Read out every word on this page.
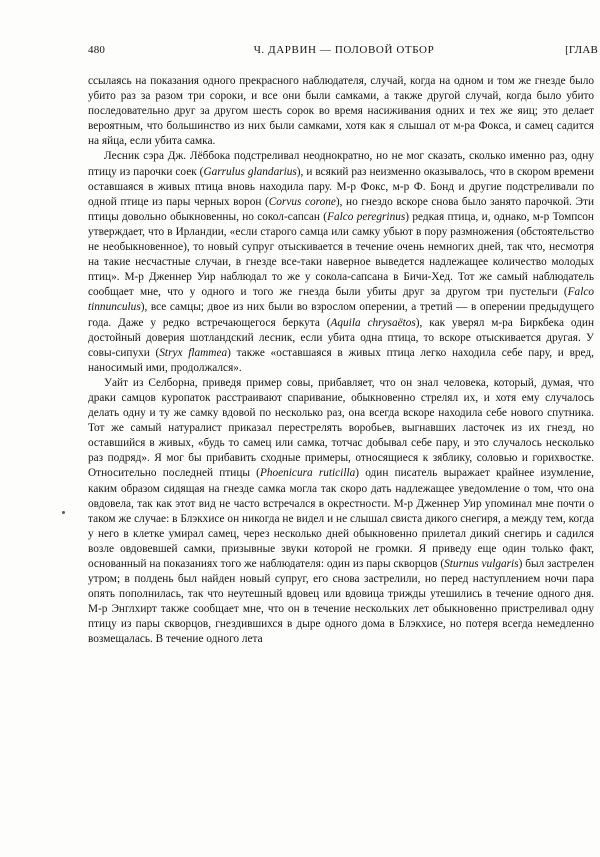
480	Ч. ДАРВИН — ПОЛОВОЙ ОТБОР	[ГЛАВ

ссылаясь на показания одного прекрасного наблюдателя, случай, когда на одном и том же гнезде было убито раз за разом три сороки, и все они были самками, а также другой случай, когда было убито последовательно друг за другом шесть сорок во время насиживания одних и тех же яиц; это делает вероятным, что большинство из них были самками, хотя как я слышал от м-ра Фокса, и самец садится на яйца, если убита самка.

Лесник сэра Дж. Лёббока подстреливал неоднократно, но не мог сказать, сколько именно раз, одну птицу из парочки соек (Garrulus glandarius), и всякий раз неизменно оказывалось, что в скором времени оставшаяся в живых птица вновь находила пару. М-р Фокс, м-р Ф. Бонд и другие подстреливали по одной птице из пары черных ворон (Corvus corone), но гнездо вскоре снова было занято парочкой. Эти птицы довольно обыкновенны, но сокол-сапсан (Falco peregrinus) редкая птица, и, однако, м-р Томпсон утверждает, что в Ирландии, «если старого самца или самку убьют в пору размножения (обстоятельство не необыкновенное), то новый супруг отыскивается в течение очень немногих дней, так что, несмотря на такие несчастные случаи, в гнезде все-таки наверное выведется надлежащее количество молодых птиц». М-р Дженнер Уир наблюдал то же у сокола-сапсана в Бичи-Хед. Тот же самый наблюдатель сообщает мне, что у одного и того же гнезда были убиты друг за другом три пустельги (Falco tinnunculus), все самцы; двое из них были во взрослом оперении, а третий — в оперении предыдущего года. Даже у редко встречающегося беркута (Aquila chrysaëtos), как уверял м-ра Биркбека один достойный доверия шотландский лесник, если убита одна птица, то вскоре отыскивается другая. У совы-сипухи (Stryx flammea) также «оставшаяся в живых птица легко находила себе пару, и вред, наносимый ими, продолжался».

Уайт из Селборна, приведя пример совы, прибавляет, что он знал человека, который, думая, что драки самцов куропаток расстраивают спаривание, обыкновенно стрелял их, и хотя ему случалось делать одну и ту же самку вдовой по несколько раз, она всегда вскоре находила себе нового спутника. Тот же самый натуралист приказал перестрелять воробьев, выгнавших ласточек из их гнезд, но оставшийся в живых, «будь то самец или самка, тотчас добывал себе пару, и это случалось несколько раз подряд». Я мог бы прибавить сходные примеры, относящиеся к зяблику, соловью и горихвостке. Относительно последней птицы (Phoenicura ruticilla) один писатель выражает крайнее изумление, каким образом сидящая на гнезде самка могла так скоро дать надлежащее уведомление о том, что она овдовела, так как этот вид не часто встречался в окрестности. М-р Дженнер Уир упоминал мне почти о таком же случае: в Блэкхисе он никогда не видел и не слышал свиста дикого снегиря, а между тем, когда у него в клетке умирал самец, через несколько дней обыкновенно прилетал дикий снегирь и садился возле овдовевшей самки, призывные звуки которой не громки. Я приведу еще один только факт, основанный на показаниях того же наблюдателя: один из пары скворцов (Sturnus vulgaris) был застрелен утром; в полдень был найден новый супруг, его снова застрелили, но перед наступлением ночи пара опять пополнилась, так что неутешный вдовец или вдовица трижды утешились в течение одного дня. М-р Энглхирт также сообщает мне, что он в течение нескольких лет обыкновенно пристреливал одну птицу из пары скворцов, гнездившихся в дыре одного дома в Блэкхисе, но потеря всегда немедленно возмещалась. В течение одного лета
